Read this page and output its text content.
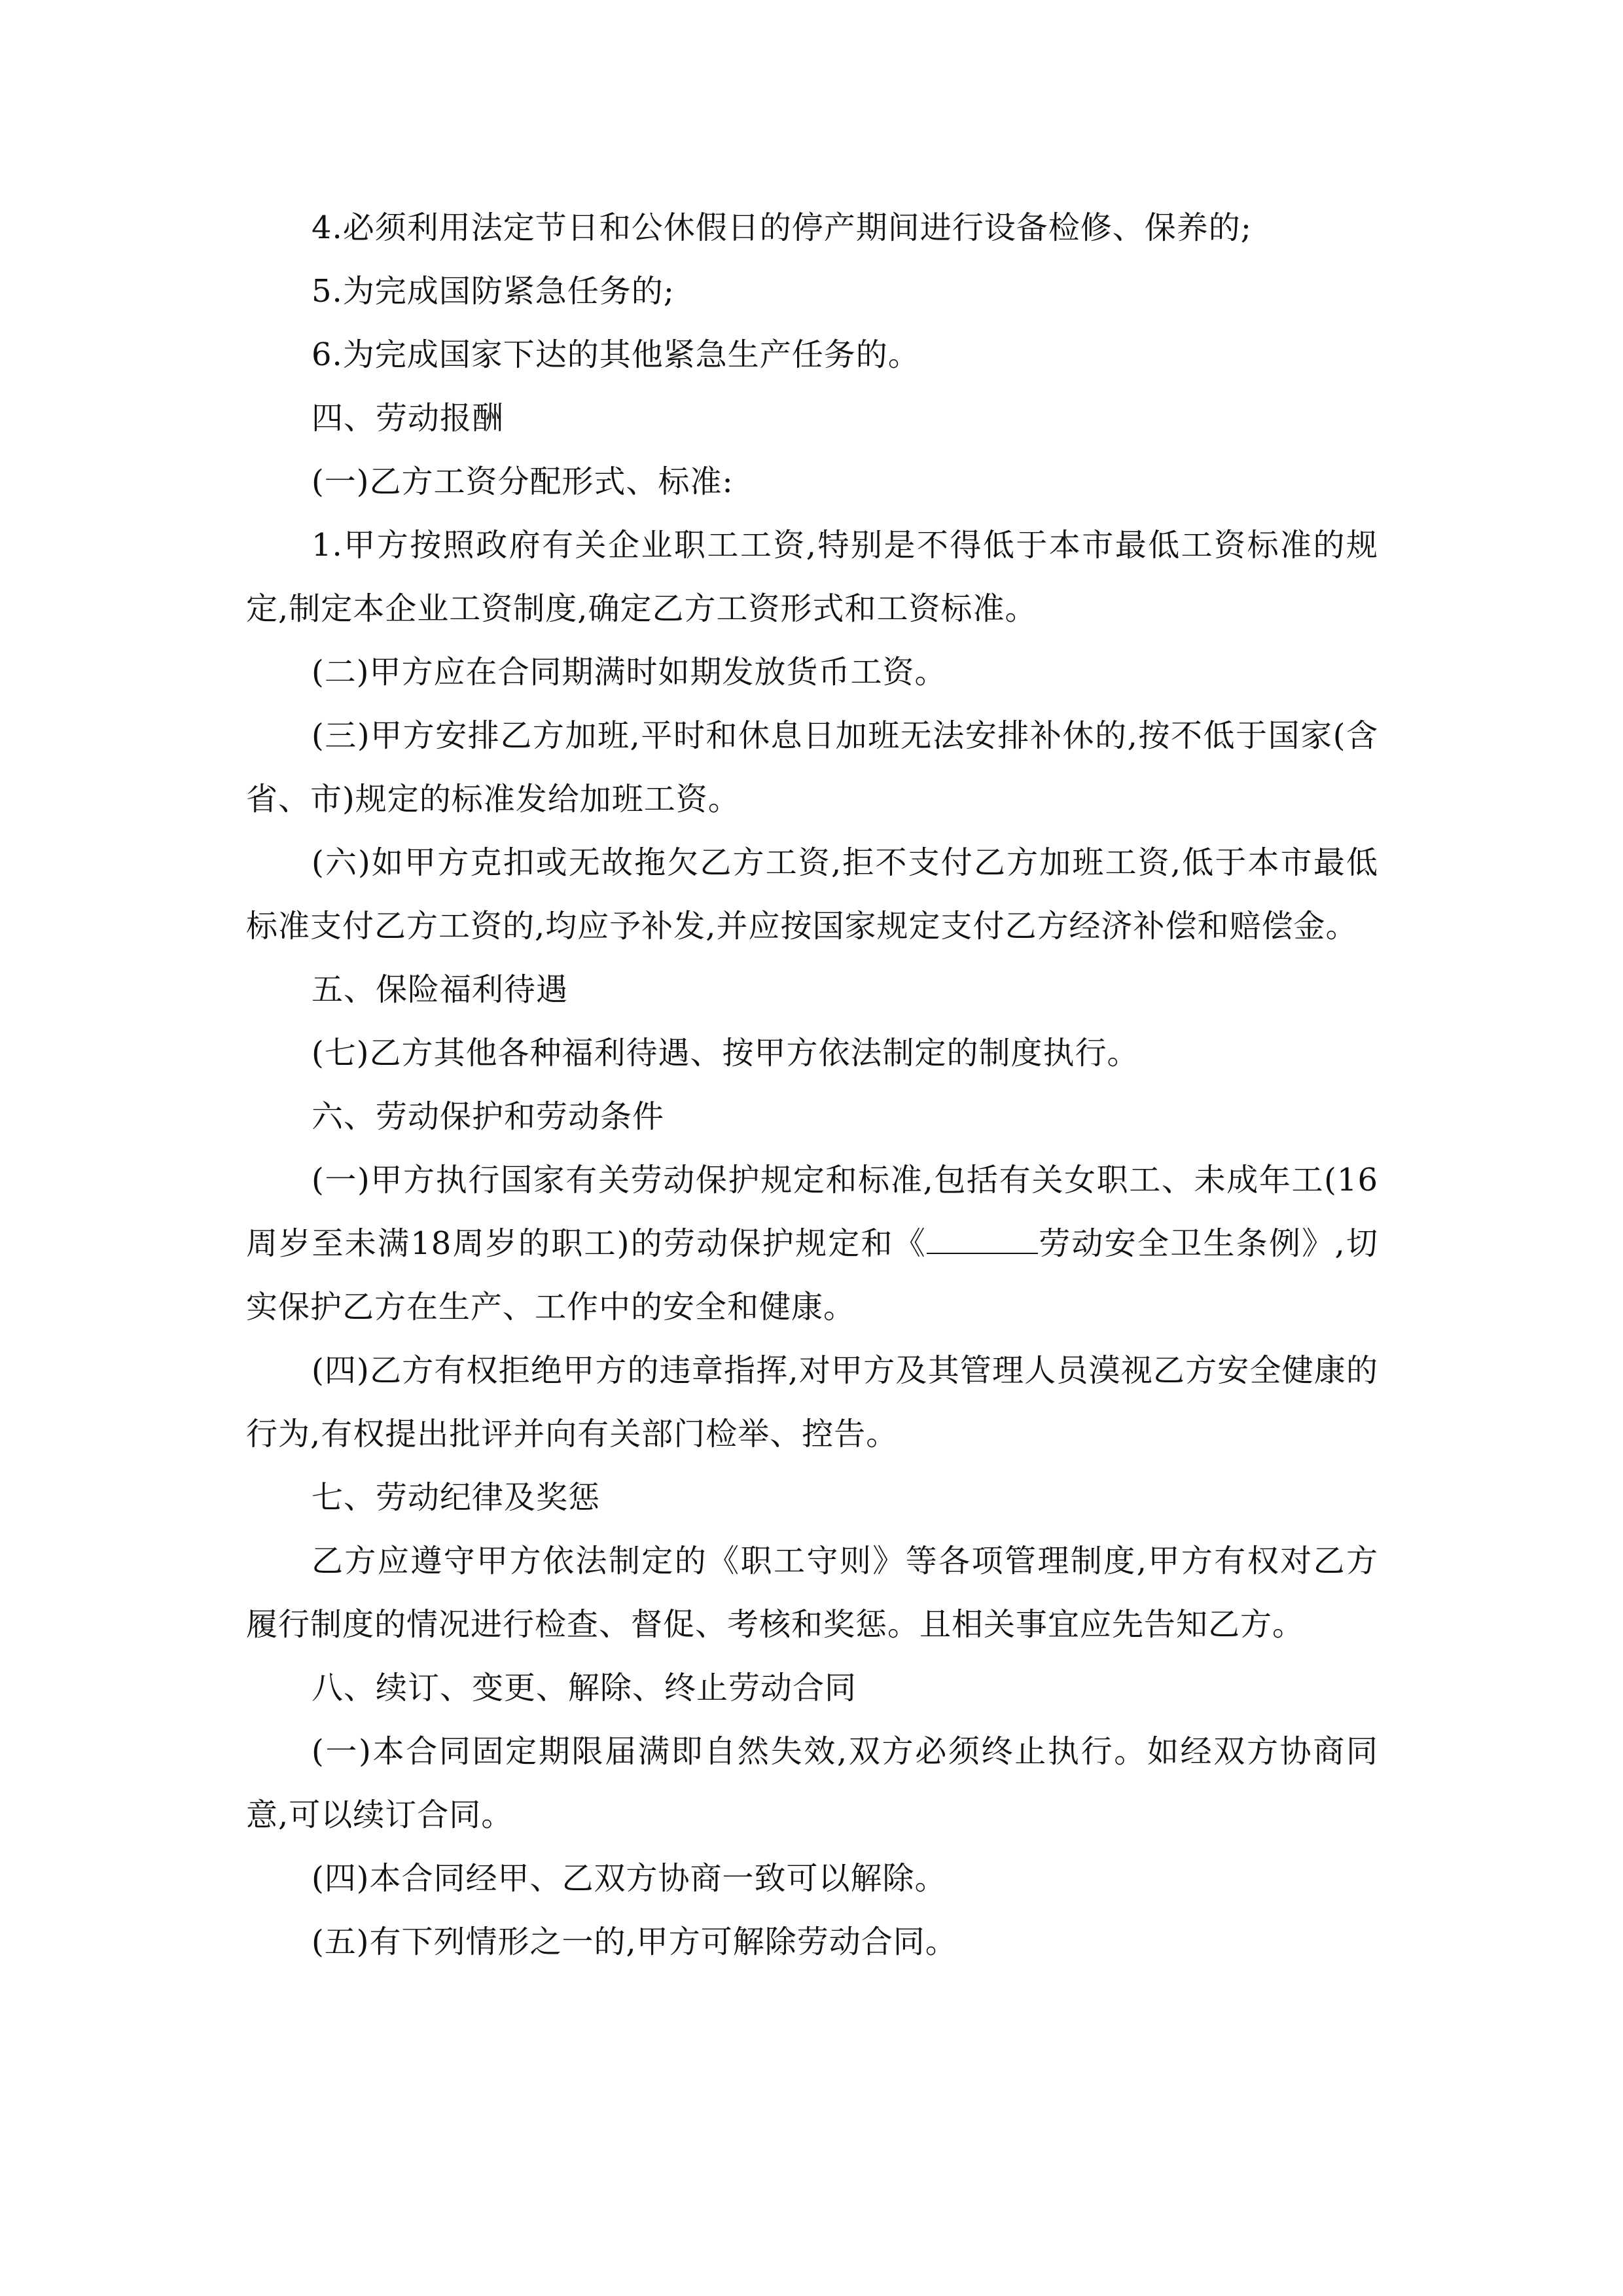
4.必须利用法定节日和公休假日的停产期间进行设备检修、保养的;

5.为完成国防紧急任务的;

6.为完成国家下达的其他紧急生产任务的。

四、劳动报酬

(一)乙方工资分配形式、标准:

1.甲方按照政府有关企业职工工资,特别是不得低于本市最低工资标准的规定,制定本企业工资制度,确定乙方工资形式和工资标准。

(二)甲方应在合同期满时如期发放货币工资。

(三)甲方安排乙方加班,平时和休息日加班无法安排补休的,按不低于国家(含省、市)规定的标准发给加班工资。

(六)如甲方克扣或无故拖欠乙方工资,拒不支付乙方加班工资,低于本市最低标准支付乙方工资的,均应予补发,并应按国家规定支付乙方经济补偿和赔偿金。

五、保险福利待遇

(七)乙方其他各种福利待遇、按甲方依法制定的制度执行。

六、劳动保护和劳动条件

(一)甲方执行国家有关劳动保护规定和标准,包括有关女职工、未成年工(16周岁至未满18周岁的职工)的劳动保护规定和《	劳动安全卫生条例》,切实保护乙方在生产、工作中的安全和健康。

(四)乙方有权拒绝甲方的违章指挥,对甲方及其管理人员漠视乙方安全健康的行为,有权提出批评并向有关部门检举、控告。

七、劳动纪律及奖惩

乙方应遵守甲方依法制定的《职工守则》等各项管理制度,甲方有权对乙方履行制度的情况进行检查、督促、考核和奖惩。且相关事宜应先告知乙方。

八、续订、变更、解除、终止劳动合同

(一)本合同固定期限届满即自然失效,双方必须终止执行。如经双方协商同意,可以续订合同。

(四)本合同经甲、乙双方协商一致可以解除。

(五)有下列情形之一的,甲方可解除劳动合同。
